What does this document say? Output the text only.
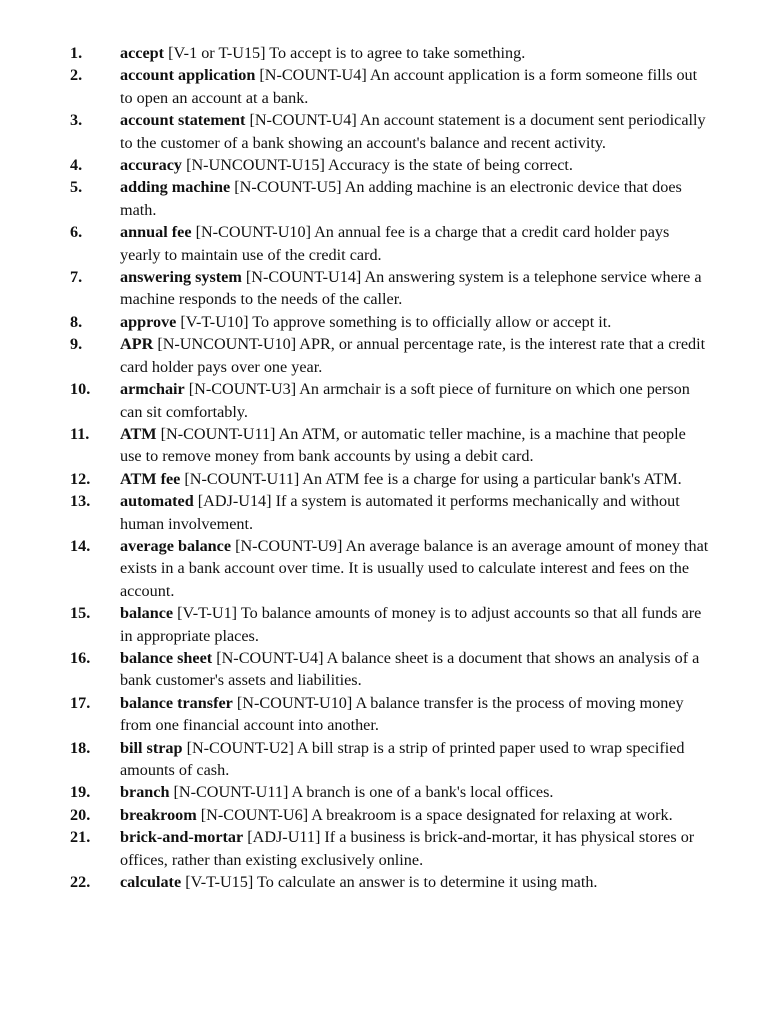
1. accept [V-1 or T-U15] To accept is to agree to take something.
2. account application [N-COUNT-U4] An account application is a form someone fills out to open an account at a bank.
3. account statement [N-COUNT-U4] An account statement is a document sent periodically to the customer of a bank showing an account's balance and recent activity.
4. accuracy [N-UNCOUNT-U15] Accuracy is the state of being correct.
5. adding machine [N-COUNT-U5] An adding machine is an electronic device that does math.
6. annual fee [N-COUNT-U10] An annual fee is a charge that a credit card holder pays yearly to maintain use of the credit card.
7. answering system [N-COUNT-U14] An answering system is a telephone service where a machine responds to the needs of the caller.
8. approve [V-T-U10] To approve something is to officially allow or accept it.
9. APR [N-UNCOUNT-U10] APR, or annual percentage rate, is the interest rate that a credit card holder pays over one year.
10. armchair [N-COUNT-U3] An armchair is a soft piece of furniture on which one person can sit comfortably.
11. ATM [N-COUNT-U11] An ATM, or automatic teller machine, is a machine that people use to remove money from bank accounts by using a debit card.
12. ATM fee [N-COUNT-U11] An ATM fee is a charge for using a particular bank's ATM.
13. automated [ADJ-U14] If a system is automated it performs mechanically and without human involvement.
14. average balance [N-COUNT-U9] An average balance is an average amount of money that exists in a bank account over time. It is usually used to calculate interest and fees on the account.
15. balance [V-T-U1] To balance amounts of money is to adjust accounts so that all funds are in appropriate places.
16. balance sheet [N-COUNT-U4] A balance sheet is a document that shows an analysis of a bank customer's assets and liabilities.
17. balance transfer [N-COUNT-U10] A balance transfer is the process of moving money from one financial account into another.
18. bill strap [N-COUNT-U2] A bill strap is a strip of printed paper used to wrap specified amounts of cash.
19. branch [N-COUNT-U11] A branch is one of a bank's local offices.
20. breakroom [N-COUNT-U6] A breakroom is a space designated for relaxing at work.
21. brick-and-mortar [ADJ-U11] If a business is brick-and-mortar, it has physical stores or offices, rather than existing exclusively online.
22. calculate [V-T-U15] To calculate an answer is to determine it using math.
